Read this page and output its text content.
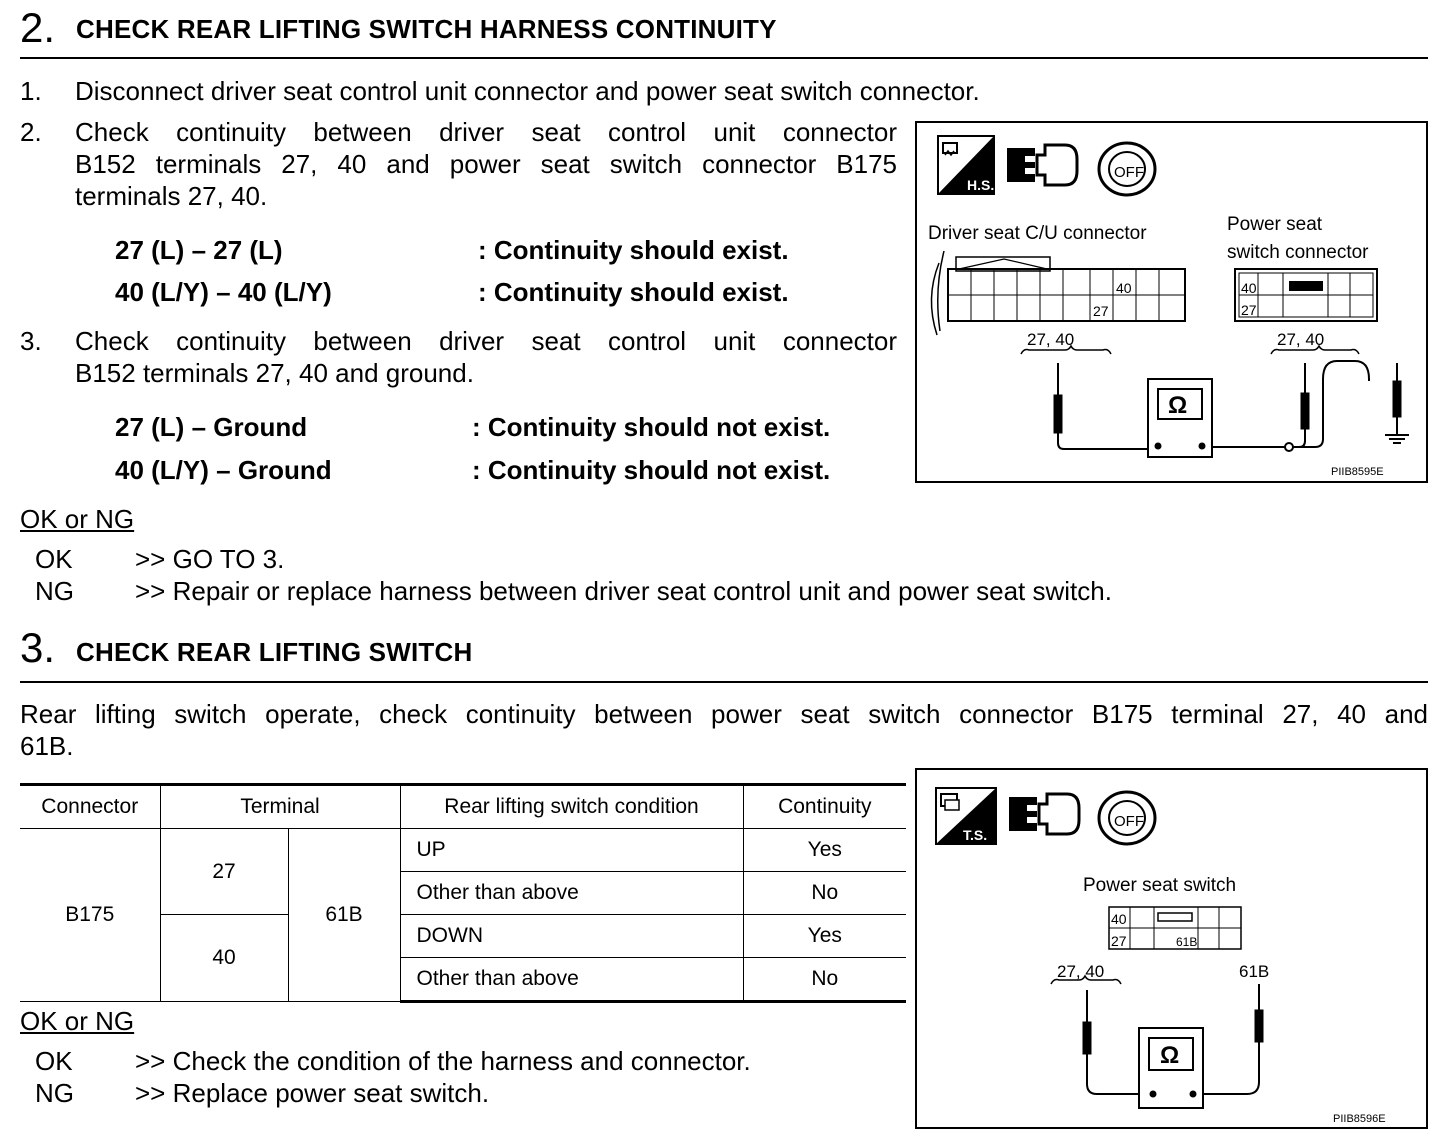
2. CHECK REAR LIFTING SWITCH HARNESS CONTINUITY
1. Disconnect driver seat control unit connector and power seat switch connector.
2. Check continuity between driver seat control unit connector
B152 terminals 27, 40 and power seat switch connector B175
terminals 27, 40.
27 (L) – 27 (L)	: Continuity should exist.
40 (L/Y) – 40 (L/Y)	: Continuity should exist.
3. Check continuity between driver seat control unit connector
B152 terminals 27, 40 and ground.
27 (L) – Ground	: Continuity should not exist.
40 (L/Y) – Ground	: Continuity should not exist.
OK or NG
OK >> GO TO 3.
NG >> Repair or replace harness between driver seat control unit and power seat switch.
H.S.
OFF
Driver seat C/U connector	Power seat
switch connector
40
27
40
27
27, 40	27, 40
Ω
PIIB8595E
3. CHECK REAR LIFTING SWITCH
Rear lifting switch operate, check continuity between power seat switch connector B175 terminal 27, 40 and
61B.
Connector	Terminal		Rear lifting switch condition	Continuity
B175	27	61B	UP	Yes
			Other than above	No
	40		DOWN	Yes
			Other than above	No
OK or NG
OK >> Check the condition of the harness and connector.
NG >> Replace power seat switch.
T.S.
OFF
Power seat switch
40
27	61B
27, 40	61B
Ω
PIIB8596E
